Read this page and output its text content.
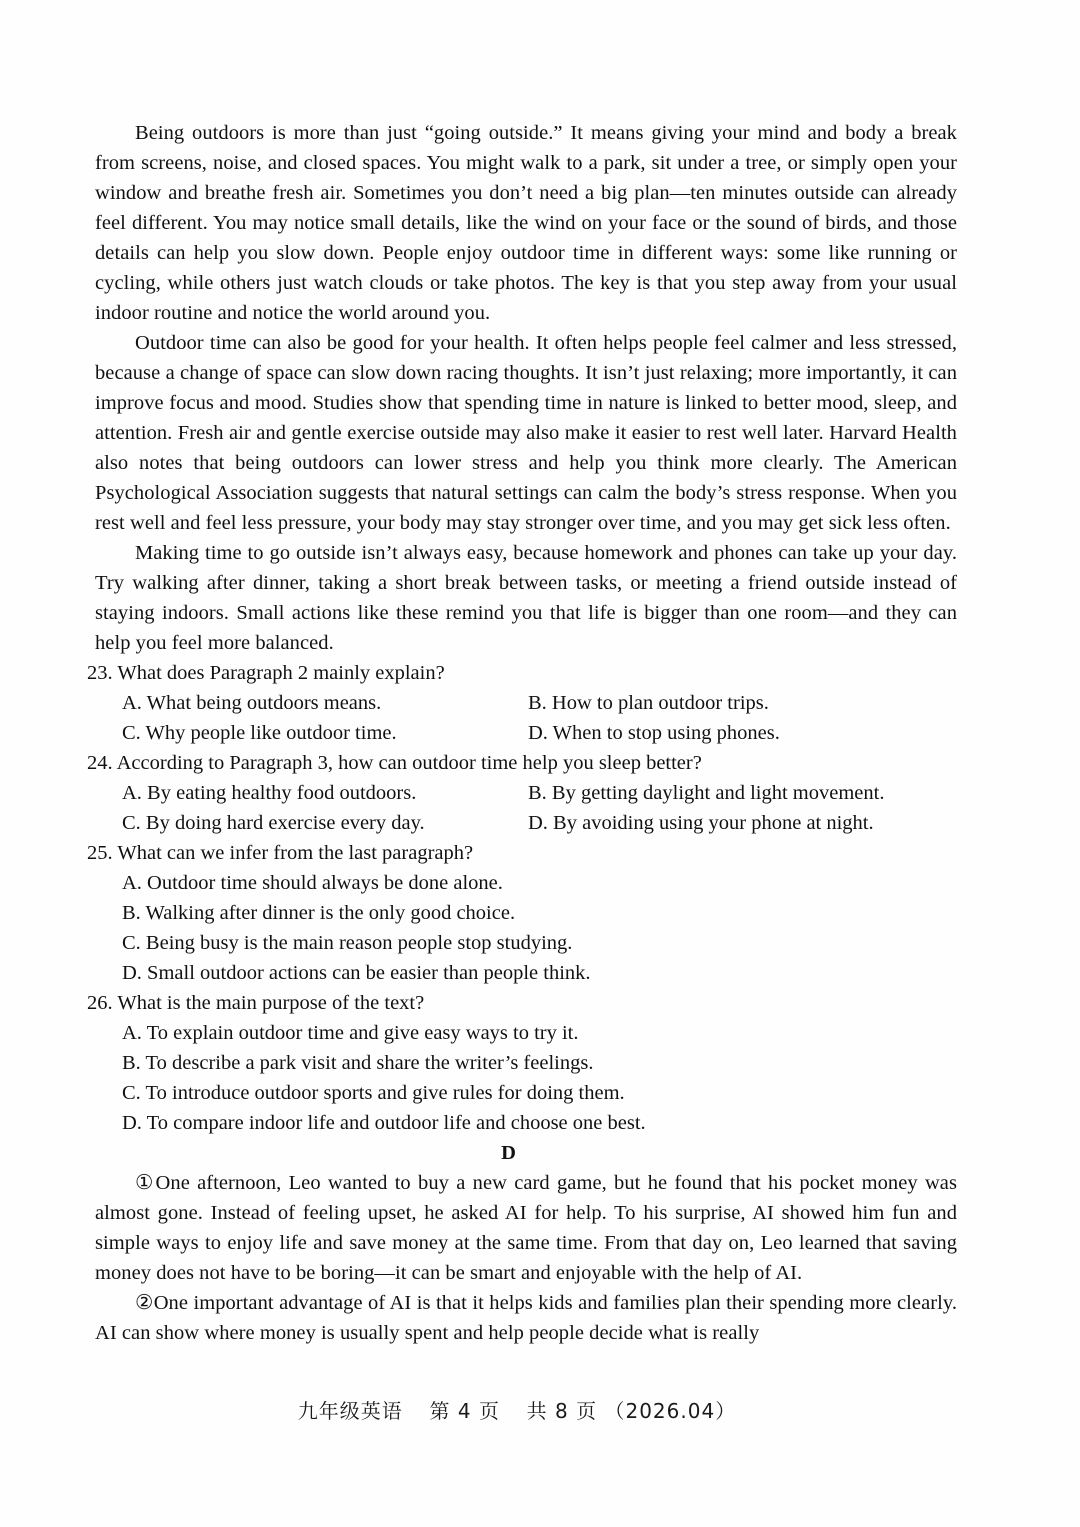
Being outdoors is more than just “going outside.” It means giving your mind and body a break from screens, noise, and closed spaces. You might walk to a park, sit under a tree, or simply open your window and breathe fresh air. Sometimes you don’t need a big plan—ten minutes outside can already feel different. You may notice small details, like the wind on your face or the sound of birds, and those details can help you slow down. People enjoy outdoor time in different ways: some like running or cycling, while others just watch clouds or take photos. The key is that you step away from your usual indoor routine and notice the world around you.

Outdoor time can also be good for your health. It often helps people feel calmer and less stressed, because a change of space can slow down racing thoughts. It isn’t just relaxing; more importantly, it can improve focus and mood. Studies show that spending time in nature is linked to better mood, sleep, and attention. Fresh air and gentle exercise outside may also make it easier to rest well later. Harvard Health also notes that being outdoors can lower stress and help you think more clearly. The American Psychological Association suggests that natural settings can calm the body’s stress response. When you rest well and feel less pressure, your body may stay stronger over time, and you may get sick less often.

Making time to go outside isn’t always easy, because homework and phones can take up your day. Try walking after dinner, taking a short break between tasks, or meeting a friend outside instead of staying indoors. Small actions like these remind you that life is bigger than one room—and they can help you feel more balanced.

23. What does Paragraph 2 mainly explain?
A. What being outdoors means.	B. How to plan outdoor trips.
C. Why people like outdoor time.	D. When to stop using phones.
24. According to Paragraph 3, how can outdoor time help you sleep better?
A. By eating healthy food outdoors.	B. By getting daylight and light movement.
C. By doing hard exercise every day.	D. By avoiding using your phone at night.
25. What can we infer from the last paragraph?
A. Outdoor time should always be done alone.
B. Walking after dinner is the only good choice.
C. Being busy is the main reason people stop studying.
D. Small outdoor actions can be easier than people think.
26. What is the main purpose of the text?
A. To explain outdoor time and give easy ways to try it.
B. To describe a park visit and share the writer’s feelings.
C. To introduce outdoor sports and give rules for doing them.
D. To compare indoor life and outdoor life and choose one best.
D

①One afternoon, Leo wanted to buy a new card game, but he found that his pocket money was almost gone. Instead of feeling upset, he asked AI for help. To his surprise, AI showed him fun and simple ways to enjoy life and save money at the same time. From that day on, Leo learned that saving money does not have to be boring—it can be smart and enjoyable with the help of AI.

②One important advantage of AI is that it helps kids and families plan their spending more clearly. AI can show where money is usually spent and help people decide what is really

九年级英语 第 4 页 共 8 页 （2026.04）
